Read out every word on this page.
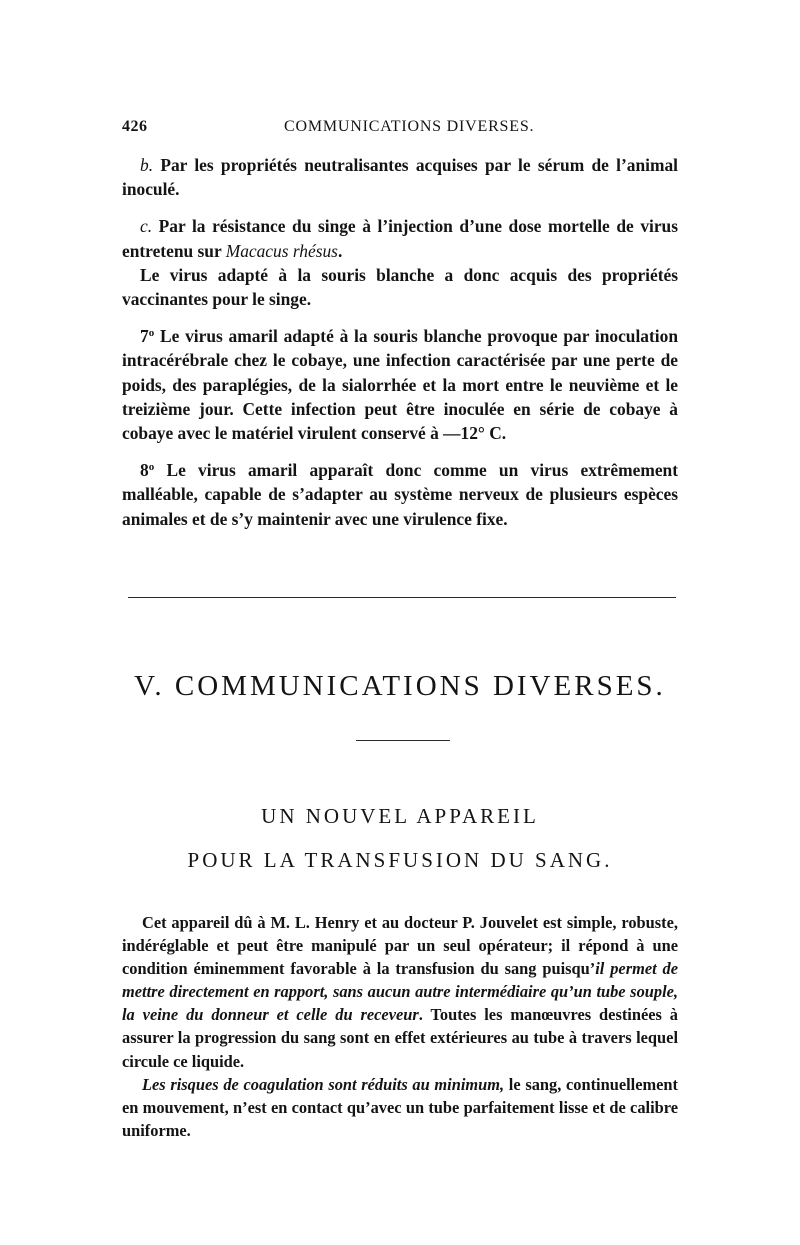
426	COMMUNICATIONS DIVERSES.

b. Par les propriétés neutralisantes acquises par le sérum de l’animal inoculé.

c. Par la résistance du singe à l’injection d’une dose mortelle de virus entretenu sur Macacus rhésus.

Le virus adapté à la souris blanche a donc acquis des propriétés vaccinantes pour le singe.

7$^o$ Le virus amaril adapté à la souris blanche provoque par inoculation intracérébrale chez le cobaye, une infection caractérisée par une perte de poids, des paraplégies, de la sialorrhée et la mort entre le neuvième et le treizième jour. Cette infection peut être inoculée en série de cobaye à cobaye avec le matériel virulent conservé à —12° C.

8$^o$ Le virus amaril apparaît donc comme un virus extrêmement malléable, capable de s’adapter au système nerveux de plusieurs espèces animales et de s’y maintenir avec une virulence fixe.

V. COMMUNICATIONS DIVERSES.
UN NOUVEL APPAREIL
POUR LA TRANSFUSION DU SANG.

Cet appareil dû à M. L. Henry et au docteur P. Jouvelet est simple, robuste, indéréglable et peut être manipulé par un seul opérateur; il répond à une condition éminemment favorable à la transfusion du sang puisqu’il permet de mettre directement en rapport, sans aucun autre intermédiaire qu’un tube souple, la veine du donneur et celle du receveur. Toutes les manœuvres destinées à assurer la progression du sang sont en effet extérieures au tube à travers lequel circule ce liquide.

Les risques de coagulation sont réduits au minimum, le sang, continuellement en mouvement, n’est en contact qu’avec un tube parfaitement lisse et de calibre uniforme.
